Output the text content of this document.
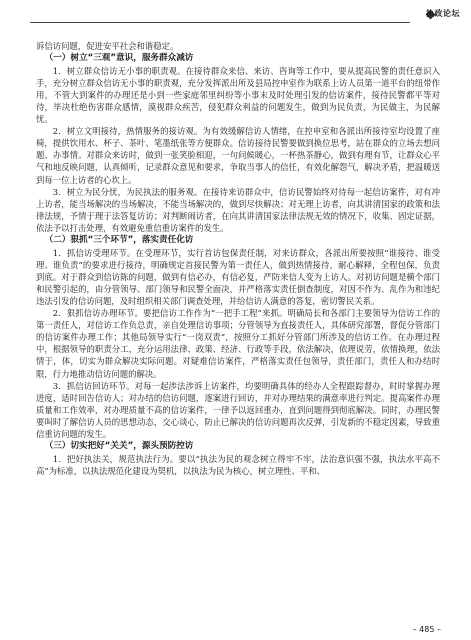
执政论坛

诉信访问题，促进安平社会和谐稳定。

（一）树立“三观”意识，服务群众减访

1．树立群众信访无小事的职责观。在接待群众来信、来访、咨询等工作中，要从提高民警的责任意识入手，充分树立群众信访无小事的职责观，充分发挥派出所及县局控申室作为联系上访人员第一道平台的纽带作用，不管大到案件的办理还是小到一些家庭邻里纠纷等小事末及时处理引发的信访案件，接待民警都平等对待，毕决杜绝伤害群众感情，漠视群众疾苦，侵犯群众利益的问题发生，做到为民负责，为民做主，为民解忧。

2．树立文明接待，热情服务的接访观。为有效缓解信访人情绪，在控申室和各派出所接待室均设置了座椅，提供饮用水、杯子、茶叶、笔墨纸张等方便群众。信访接待民警要做到换位思考，站在群众的立场去想问题、办事情。对群众来访时，做到一张笑脸相迎，一句问候暖心，一杯热茶静心，做到有理有节，让群众心平气和地反映问题，认真倾听，记录群众意见和要求，争取当事人的信任，有效化解怨气，解决矛盾，把温暖送到每一位上访者的心坎上。

3．树立为民分忧，为民执法的服务观。在接待来访群众中，信访民警始终对待每一起信访案件，对有冲上访者，能当场解决的当场解决，不能当场解决的，做到尽快解决；对无理上访者，向其讲清国家的政策和法律法规，予情于理于法答复访访；对判断闹访者，在向其讲清国家法律法规无效的情况下，收集、固定证据，依法予以打击处理，有效避免重信重访案件的发生。

（二）狠抓“三个环节”，落实责任化访

1．抓信访受理环节。在受理环节，实行首访包保责任制，对来访群众，各派出所要按照“谁接待、谁受理、谁负责”的要求进行接待，明确规定首接民警为第一责任人，做到热情接待，耐心解释，全程包保，负责到底。对于群众到信访陈的问题，做到有信必办，有信必复，严防来信人变为上访人。对初访问题是横个部门和民警引起的，由分管领导、部门领导和民警全面决，并严格落实责任倒查制度，对因不作为、乱作为和违纪违法引发的信访问题，及时组织相关部门调查处理，并给信访人满意的答复，密切警民关系。

2．狠抓信访办理环节。要把信访工作作为“一把手工程”来抓。明确局长和各部门主要领导为信访工作的第一责任人，对信访工作负总责，亲自处理信访事项；分管领导为直接责任人，具体研究部署，督促分管部门的信访案件办理工作；其他局领导实行“一岗双责”，按照分工抓好分管部门所涉及的信访工作。在办理过程中，根据领导的职责分工，充分运用法律、政策、经济、行政等手段，依法解决，依理说劳，依情换理，依法情于，体，切实为群众解决实际问题。对疑难信访案件，严格落实责任包领导，责任部门，责任人和办结时限，行力地推动信访问题的解决。

3．抓信访回访环节。对每一起涉法涉诉上访案件，均要明确具体的经办人全程跟踪督办，时时掌握办理进度，适时回告信访人；对办结的信访问题，逐案进行回访，并对办理结果的满意率进行判定。提高案件办理质量和工作效率，对办理质量不高的信访案件，一律予以返回重办，直到问题得到彻底解决。同时，办理民警要叫时了解信访人员的思想动态，交心谈心，防止已解决的信访问题再次反弹，引发新的不稳定因素，导致重信重访问题的发生。

（三）切实把好“关关”，源头预防控访

1．把好执法关，规范执法行为。要以“执法为民的观念树立得牢不牢，法治意识强不强，执法水平高不高”为标准，以执法规范化建设为契机，以执法为民为核心，树立理性、平和、

– 485 –
